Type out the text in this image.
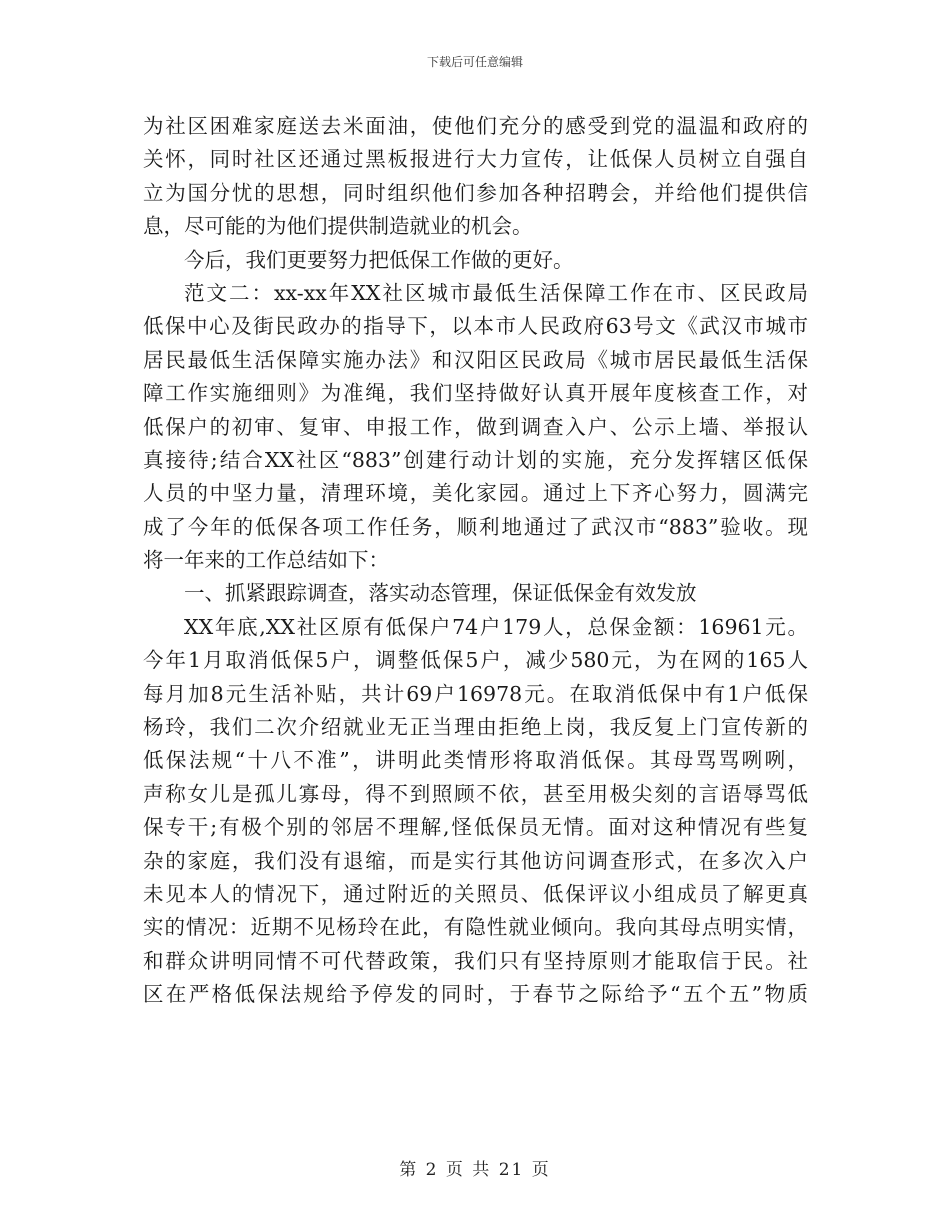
下载后可任意编辑
为社区困难家庭送去米面油，使他们充分的感受到党的温温和政府的
关怀，同时社区还通过黑板报进行大力宣传，让低保人员树立自强自
立为国分忧的思想，同时组织他们参加各种招聘会，并给他们提供信
息，尽可能的为他们提供制造就业的机会。
今后，我们更要努力把低保工作做的更好。
范文二：xx-xx年XX社区城市最低生活保障工作在市、区民政局
低保中心及街民政办的指导下，以本市人民政府63号文《武汉市城市
居民最低生活保障实施办法》和汉阳区民政局《城市居民最低生活保
障工作实施细则》为准绳，我们坚持做好认真开展年度核查工作，对
低保户的初审、复审、申报工作，做到调查入户、公示上墙、举报认
真接待;结合XX社区“883”创建行动计划的实施，充分发挥辖区低保
人员的中坚力量，清理环境，美化家园。通过上下齐心努力，圆满完
成了今年的低保各项工作任务，顺利地通过了武汉市“883”验收。现
将一年来的工作总结如下：
一、抓紧跟踪调查，落实动态管理，保证低保金有效发放
XX年底,XX社区原有低保户74户179人，总保金额：16961元。
今年1月取消低保5户，调整低保5户，减少580元，为在网的165人
每月加8元生活补贴，共计69户16978元。在取消低保中有1户低保
杨玲，我们二次介绍就业无正当理由拒绝上岗，我反复上门宣传新的
低保法规“十八不准”，讲明此类情形将取消低保。其母骂骂咧咧，
声称女儿是孤儿寡母，得不到照顾不依，甚至用极尖刻的言语辱骂低
保专干;有极个别的邻居不理解,怪低保员无情。面对这种情况有些复
杂的家庭，我们没有退缩，而是实行其他访问调查形式，在多次入户
未见本人的情况下，通过附近的关照员、低保评议小组成员了解更真
实的情况：近期不见杨玲在此，有隐性就业倾向。我向其母点明实情，
和群众讲明同情不可代替政策，我们只有坚持原则才能取信于民。社
区在严格低保法规给予停发的同时，于春节之际给予“五个五”物质
第 2 页 共 21 页
